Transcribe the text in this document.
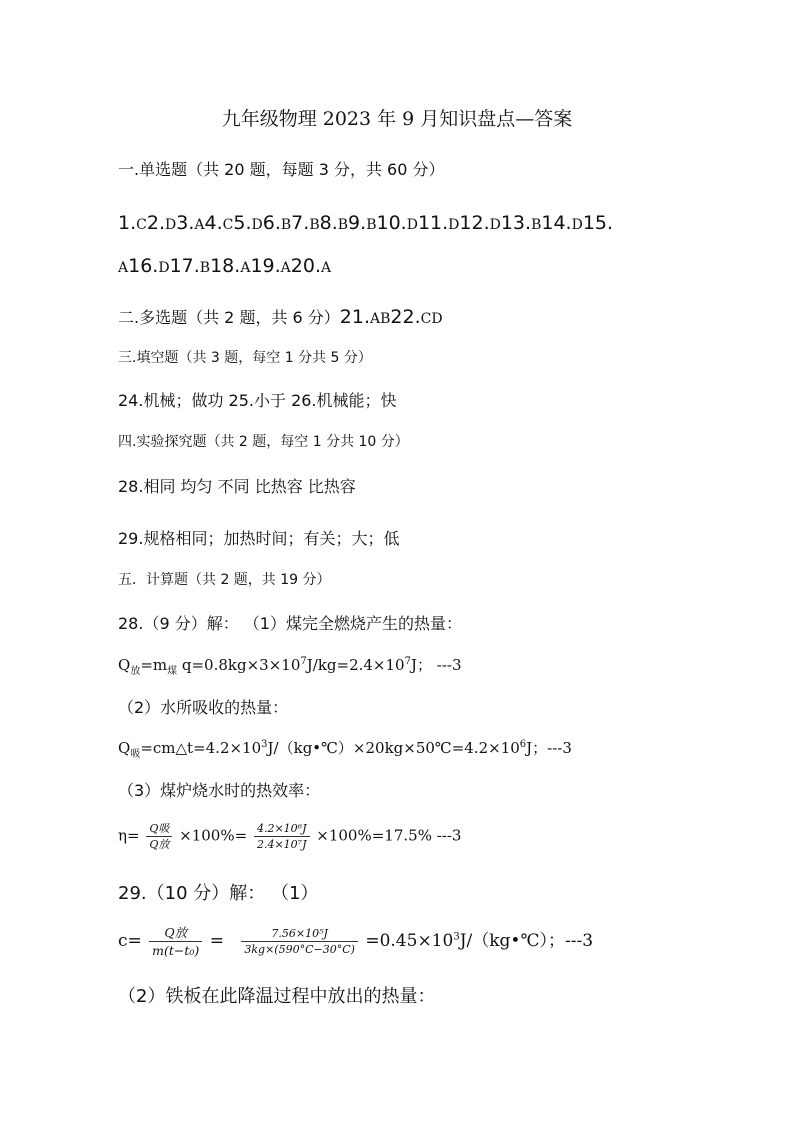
九年级物理 2023 年 9 月知识盘点—答案
一.单选题（共 20 题，每题 3 分，共 60 分）
1.C2.D3.A4.C5.D6.B7.B8.B9.B10.D11.D12.D13.B14.D15.
A16.D17.B18.A19.A20.A
二.多选题（共 2 题，共 6 分）21.AB22.CD
三.填空题（共 3 题，每空 1 分共 5 分）
24.机械；做功 25.小于 26.机械能；快
四.实验探究题（共 2 题，每空 1 分共 10 分）
28.相同 均匀 不同 比热容 比热容
29.规格相同；加热时间；有关；大；低
五．计算题（共 2 题，共 19 分）
28.（9 分）解： （1）煤完全燃烧产生的热量：
$Q_放=m_煤$ $q=0.8kg\times 3\times 10^7J/kg=2.4\times 10^7J$； ---3
（2）水所吸收的热量：
$Q_吸=cm\triangle t=4.2\times 10^3J/(kg•℃)\times 20kg\times 50℃=4.2\times 10^6J$；---3
（3）煤炉烧水时的热效率：
$\eta= \frac{\text{Q吸}}{\text{Q放}} \times 100\%= \frac{\text{4.2×10⁶J}}{\text{2.4×10⁷J}} \times 100\%=17.5\%$ ---3
29.（10 分）解： （1）
$c= \frac{\text{Q放}}{\text{m(t−t₀)}} = \frac{\text{7.56×10⁵J}}{3kg\times(590^\circ C-30^\circ C)}$ $=0.45\times 10^3J/(kg•℃)$；---3
（2）铁板在此降温过程中放出的热量：
